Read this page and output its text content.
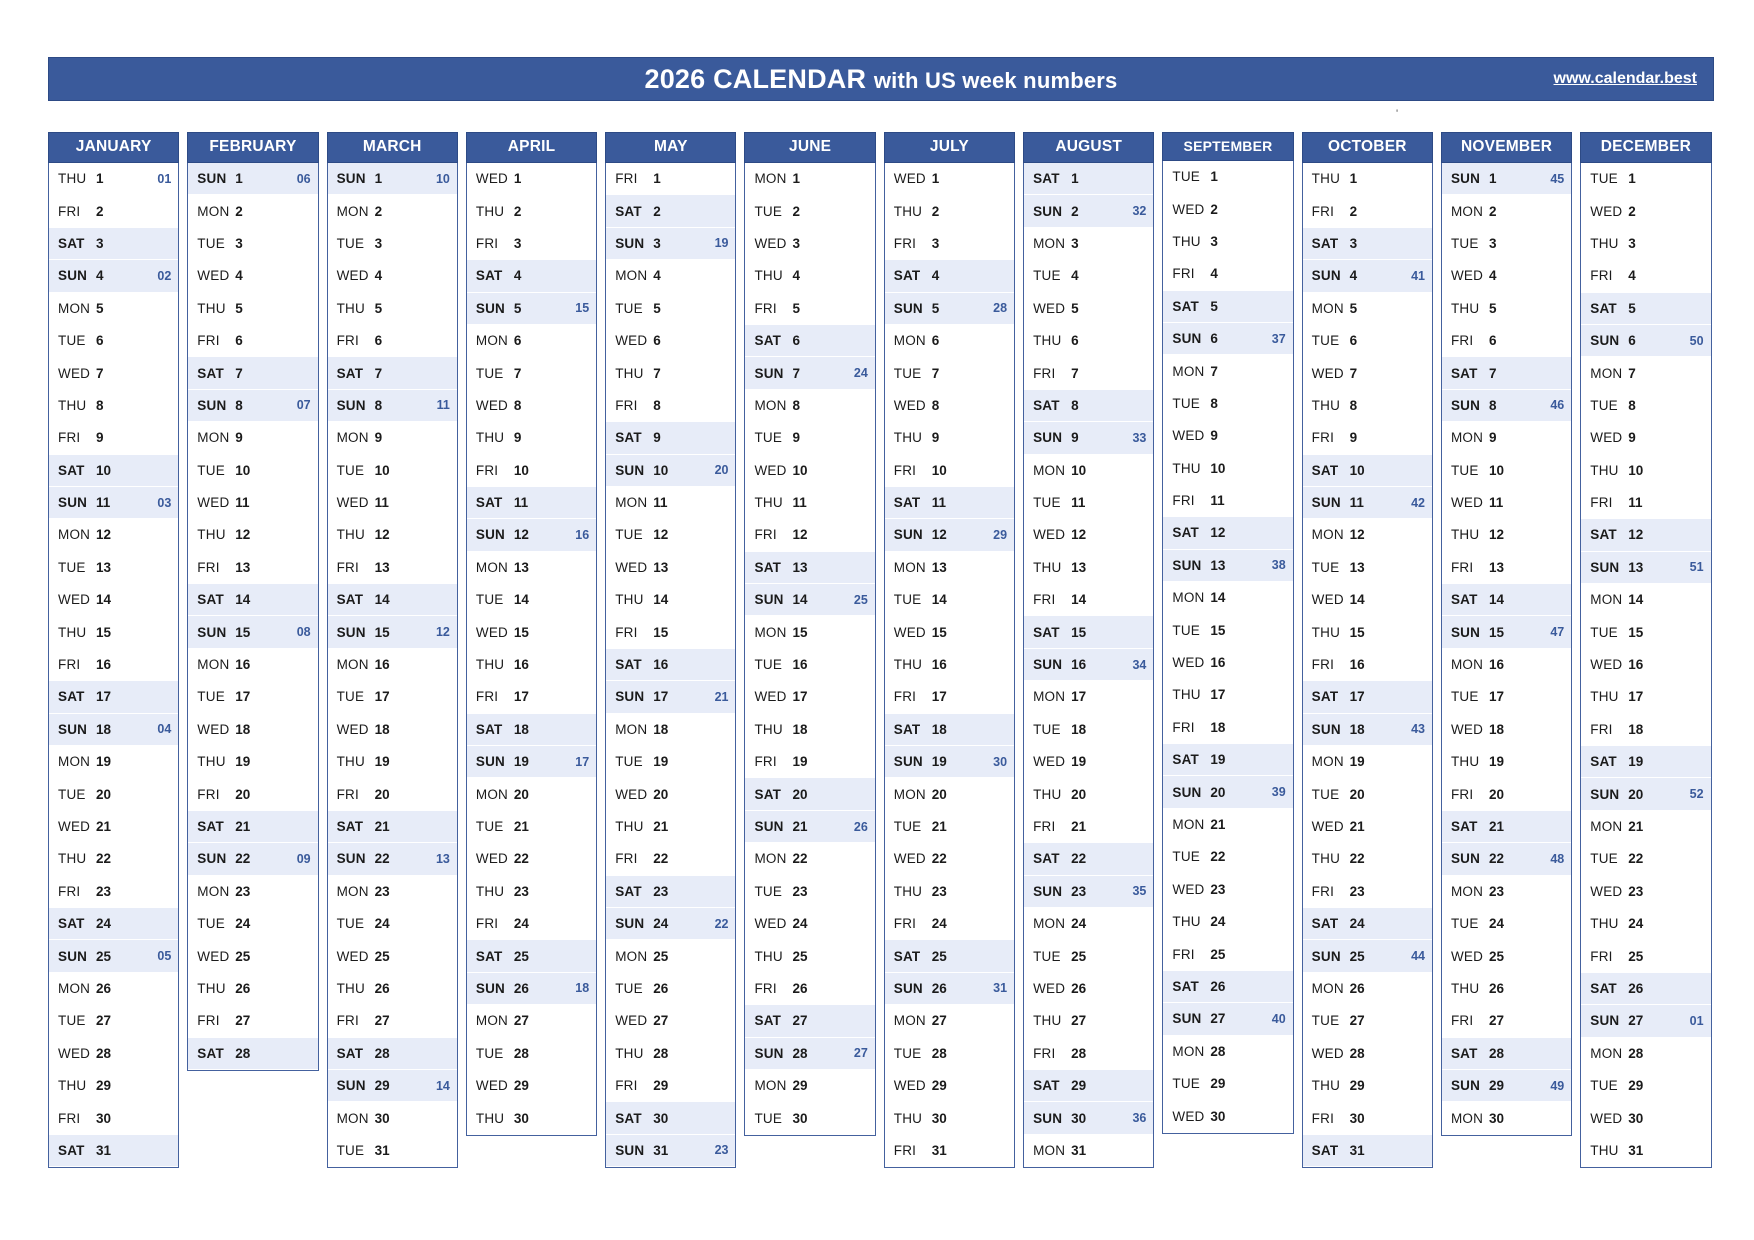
2026 CALENDAR with US week numbers	www.calendar.best
'
JANUARY
THU 1	01
FRI	2
SAT 3
SUN 4	02
MON 5
TUE 6
WED 7
THU 8
FRI	9
SAT 10
SUN 11	03
MON 12
TUE 13
WED 14
THU 15
FRI	16
SAT 17
SUN 18	04
MON 19
TUE 20
WED 21
THU 22
FRI	23
SAT 24
SUN 25	05
MON 26
TUE 27
WED 28
THU 29
FRI	30
SAT 31
FEBRUARY
SUN 1	06
MON 2
TUE 3
WED 4
THU 5
FRI	6
SAT 7
SUN 8	07
MON 9
TUE 10
WED 11
THU 12
FRI	13
SAT 14
SUN 15	08
MON 16
TUE 17
WED 18
THU 19
FRI	20
SAT 21
SUN 22	09
MON 23
TUE 24
WED 25
THU 26
FRI	27
SAT 28
MARCH
SUN 1	10
MON 2
TUE 3
WED 4
THU 5
FRI	6
SAT 7
SUN 8	11
MON 9
TUE 10
WED 11
THU 12
FRI	13
SAT 14
SUN 15	12
MON 16
TUE 17
WED 18
THU 19
FRI	20
SAT 21
SUN 22	13
MON 23
TUE 24
WED 25
THU 26
FRI	27
SAT 28
SUN 29	14
MON 30
TUE 31
APRIL
WED 1
THU 2
FRI	3
SAT 4
SUN 5	15
MON 6
TUE 7
WED 8
THU 9
FRI	10
SAT 11
SUN 12	16
MON 13
TUE 14
WED 15
THU 16
FRI	17
SAT 18
SUN 19	17
MON 20
TUE 21
WED 22
THU 23
FRI	24
SAT 25
SUN 26	18
MON 27
TUE 28
WED 29
THU 30
MAY
FRI	1
SAT 2
SUN 3	19
MON 4
TUE 5
WED 6
THU 7
FRI	8
SAT 9
SUN 10	20
MON 11
TUE 12
WED 13
THU 14
FRI	15
SAT 16
SUN 17	21
MON 18
TUE 19
WED 20
THU 21
FRI	22
SAT 23
SUN 24	22
MON 25
TUE 26
WED 27
THU 28
FRI	29
SAT 30
SUN 31	23
JUNE
MON 1
TUE 2
WED 3
THU 4
FRI	5
SAT 6
SUN 7	24
MON 8
TUE 9
WED 10
THU 11
FRI	12
SAT 13
SUN 14	25
MON 15
TUE 16
WED 17
THU 18
FRI	19
SAT 20
SUN 21	26
MON 22
TUE 23
WED 24
THU 25
FRI	26
SAT 27
SUN 28	27
MON 29
TUE 30
JULY
WED 1
THU 2
FRI	3
SAT 4
SUN 5	28
MON 6
TUE 7
WED 8
THU 9
FRI	10
SAT 11
SUN 12	29
MON 13
TUE 14
WED 15
THU 16
FRI	17
SAT 18
SUN 19	30
MON 20
TUE 21
WED 22
THU 23
FRI	24
SAT 25
SUN 26	31
MON 27
TUE 28
WED 29
THU 30
FRI	31
AUGUST
SAT 1
SUN 2	32
MON 3
TUE 4
WED 5
THU 6
FRI	7
SAT 8
SUN 9	33
MON 10
TUE 11
WED 12
THU 13
FRI	14
SAT 15
SUN 16	34
MON 17
TUE 18
WED 19
THU 20
FRI	21
SAT 22
SUN 23	35
MON 24
TUE 25
WED 26
THU 27
FRI	28
SAT 29
SUN 30	36
MON 31
SEPTEMBER
TUE 1
WED 2
THU 3
FRI	4
SAT 5
SUN 6	37
MON 7
TUE 8
WED 9
THU 10
FRI	11
SAT 12
SUN 13	38
MON 14
TUE 15
WED 16
THU 17
FRI	18
SAT 19
SUN 20	39
MON 21
TUE 22
WED 23
THU 24
FRI	25
SAT 26
SUN 27	40
MON 28
TUE 29
WED 30
OCTOBER
THU 1
FRI	2
SAT 3
SUN 4	41
MON 5
TUE 6
WED 7
THU 8
FRI	9
SAT 10
SUN 11	42
MON 12
TUE 13
WED 14
THU 15
FRI	16
SAT 17
SUN 18	43
MON 19
TUE 20
WED 21
THU 22
FRI	23
SAT 24
SUN 25	44
MON 26
TUE 27
WED 28
THU 29
FRI	30
SAT 31
NOVEMBER
SUN 1	45
MON 2
TUE 3
WED 4
THU 5
FRI	6
SAT 7
SUN 8	46
MON 9
TUE 10
WED 11
THU 12
FRI	13
SAT 14
SUN 15	47
MON 16
TUE 17
WED 18
THU 19
FRI	20
SAT 21
SUN 22	48
MON 23
TUE 24
WED 25
THU 26
FRI	27
SAT 28
SUN 29	49
MON 30
DECEMBER
TUE 1
WED 2
THU 3
FRI	4
SAT 5
SUN 6	50
MON 7
TUE 8
WED 9
THU 10
FRI	11
SAT 12
SUN 13	51
MON 14
TUE 15
WED 16
THU 17
FRI	18
SAT 19
SUN 20	52
MON 21
TUE 22
WED 23
THU 24
FRI	25
SAT 26
SUN 27	01
MON 28
TUE 29
WED 30
THU 31
